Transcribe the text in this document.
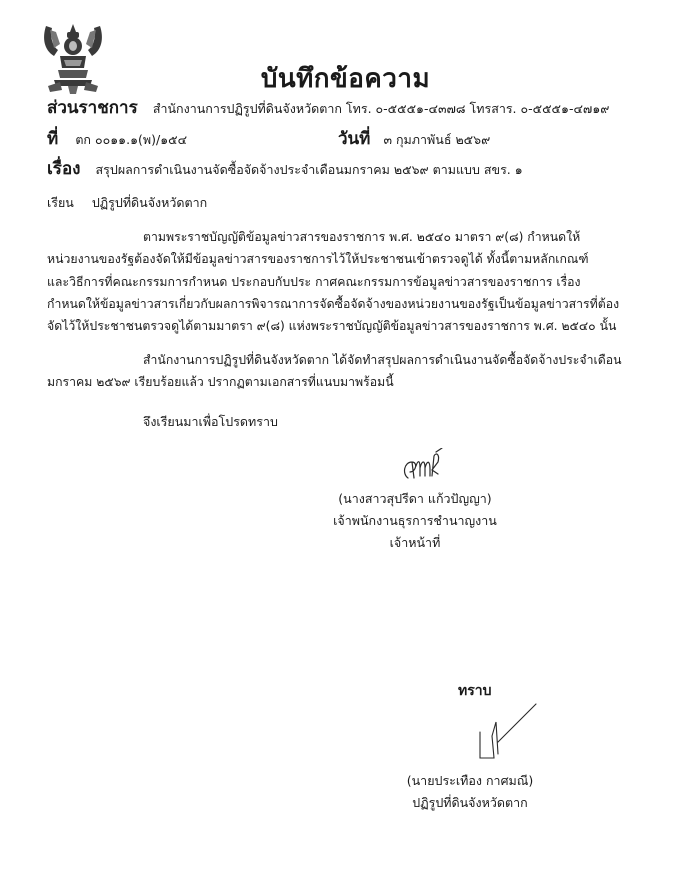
บันทึกข้อความ
ส่วนราชการ สำนักงานการปฏิรูปที่ดินจังหวัดตาก โทร. ๐-๕๕๕๑-๔๓๗๘ โทรสาร. ๐-๕๕๕๑-๔๗๑๙
ที่ ตก ๐๐๑๑.๑(พ)/๑๕๔	วันที่ ๓ กุมภาพันธ์ ๒๕๖๙
เรื่อง สรุปผลการดำเนินงานจัดซื้อจัดจ้างประจำเดือนมกราคม ๒๕๖๙ ตามแบบ สขร. ๑
เรียน ปฏิรูปที่ดินจังหวัดตาก
ตามพระราชบัญญัติข้อมูลข่าวสารของราชการ พ.ศ. ๒๕๔๐ มาตรา ๙(๘) กำหนดให้
หน่วยงานของรัฐต้องจัดให้มีข้อมูลข่าวสารของราชการไว้ให้ประชาชนเข้าตรวจดูได้ ทั้งนี้ตามหลักเกณฑ์
และวิธีการที่คณะกรรมการกำหนด ประกอบกับประ กาศคณะกรรมการข้อมูลข่าวสารของราชการ เรื่อง
กำหนดให้ข้อมูลข่าวสารเกี่ยวกับผลการพิจารณาการจัดซื้อจัดจ้างของหน่วยงานของรัฐเป็นข้อมูลข่าวสารที่ต้อง
จัดไว้ให้ประชาชนตรวจดูได้ตามมาตรา ๙(๘) แห่งพระราชบัญญัติข้อมูลข่าวสารของราชการ พ.ศ. ๒๕๔๐ นั้น
สำนักงานการปฏิรูปที่ดินจังหวัดตาก ได้จัดทำสรุปผลการดำเนินงานจัดซื้อจัดจ้างประจำเดือน
มกราคม ๒๕๖๙ เรียบร้อยแล้ว ปรากฏตามเอกสารที่แนบมาพร้อมนี้
จึงเรียนมาเพื่อโปรดทราบ
(นางสาวสุปรีดา แก้วปัญญา)
เจ้าพนักงานธุรการชำนาญงาน
เจ้าหน้าที่
ทราบ
(นายประเทือง กาศมณี)
ปฏิรูปที่ดินจังหวัดตาก
